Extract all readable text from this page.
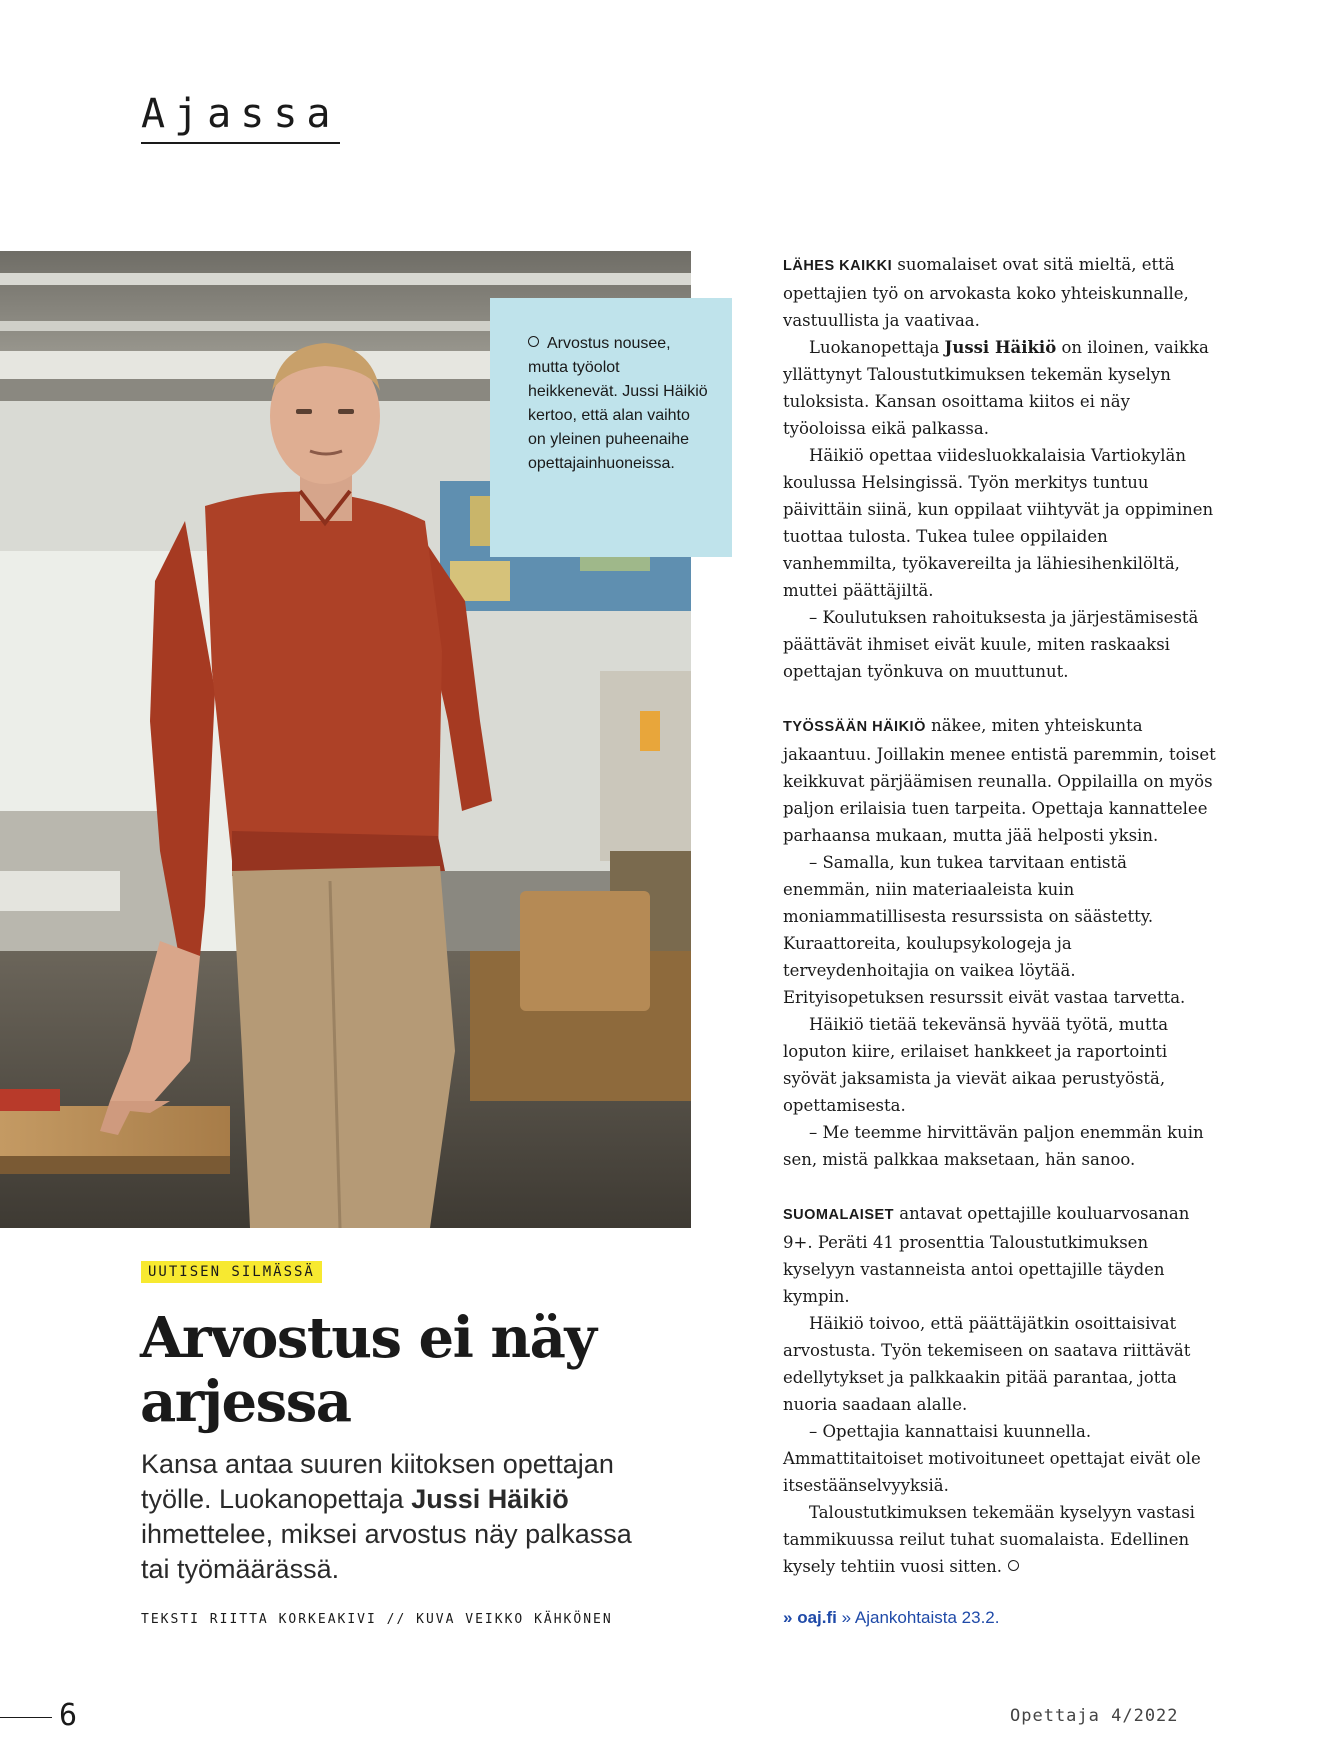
Ajassa
Arvostus nousee, mutta työolot heikkenevät. Jussi Häikiö kertoo, että alan vaihto on yleinen puheenaihe opettajainhuoneissa.
UUTISEN SILMÄSSÄ
Arvostus ei näy arjessa
Kansa antaa suuren kiitoksen opettajan työlle. Luokanopettaja Jussi Häikiö ihmettelee, miksei arvostus näy palkassa tai työmäärässä.
TEKSTI RIITTA KORKEAKIVI // KUVA VEIKKO KÄHKÖNEN

LÄHES KAIKKI suomalaiset ovat sitä mieltä, että opettajien työ on arvokasta koko yhteiskunnalle, vastuullista ja vaativaa.

Luokanopettaja Jussi Häikiö on iloinen, vaikka yllättynyt Taloustutkimuksen tekemän kyselyn tuloksista. Kansan osoittama kiitos ei näy työoloissa eikä palkassa.

Häikiö opettaa viidesluokkalaisia Vartiokylän koulussa Helsingissä. Työn merkitys tuntuu päivittäin siinä, kun oppilaat viihtyvät ja oppiminen tuottaa tulosta. Tukea tulee oppilaiden vanhemmilta, työkavereilta ja lähiesihenkilöltä, muttei päättäjiltä.

– Koulutuksen rahoituksesta ja järjestämisestä päättävät ihmiset eivät kuule, miten raskaaksi opettajan työnkuva on muuttunut.

TYÖSSÄÄN HÄIKIÖ näkee, miten yhteiskunta jakaantuu. Joillakin menee entistä paremmin, toiset keikkuvat pärjäämisen reunalla. Oppilailla on myös paljon erilaisia tuen tarpeita. Opettaja kannattelee parhaansa mukaan, mutta jää helposti yksin.

– Samalla, kun tukea tarvitaan entistä enemmän, niin materiaaleista kuin moniammatillisesta resurssista on säästetty. Kuraattoreita, koulupsykologeja ja terveydenhoitajia on vaikea löytää. Erityisopetuksen resurssit eivät vastaa tarvetta.

Häikiö tietää tekevänsä hyvää työtä, mutta loputon kiire, erilaiset hankkeet ja raportointi syövät jaksamista ja vievät aikaa perustyöstä, opettamisesta.

– Me teemme hirvittävän paljon enemmän kuin sen, mistä palkkaa maksetaan, hän sanoo.

SUOMALAISET antavat opettajille kouluarvosanan 9+. Peräti 41 prosenttia Taloustutkimuksen kyselyyn vastanneista antoi opettajille täyden kympin.

Häikiö toivoo, että päättäjätkin osoittaisivat arvostusta. Työn tekemiseen on saatava riittävät edellytykset ja palkkaakin pitää parantaa, jotta nuoria saadaan alalle.

– Opettajia kannattaisi kuunnella. Ammattitaitoiset motivoituneet opettajat eivät ole itsestäänselvyyksiä.

Taloustutkimuksen tekemään kyselyyn vastasi tammikuussa reilut tuhat suomalaista. Edellinen kysely tehtiin vuosi sitten.

» oaj.fi » Ajankohtaista 23.2.
6	Opettaja 4/2022
